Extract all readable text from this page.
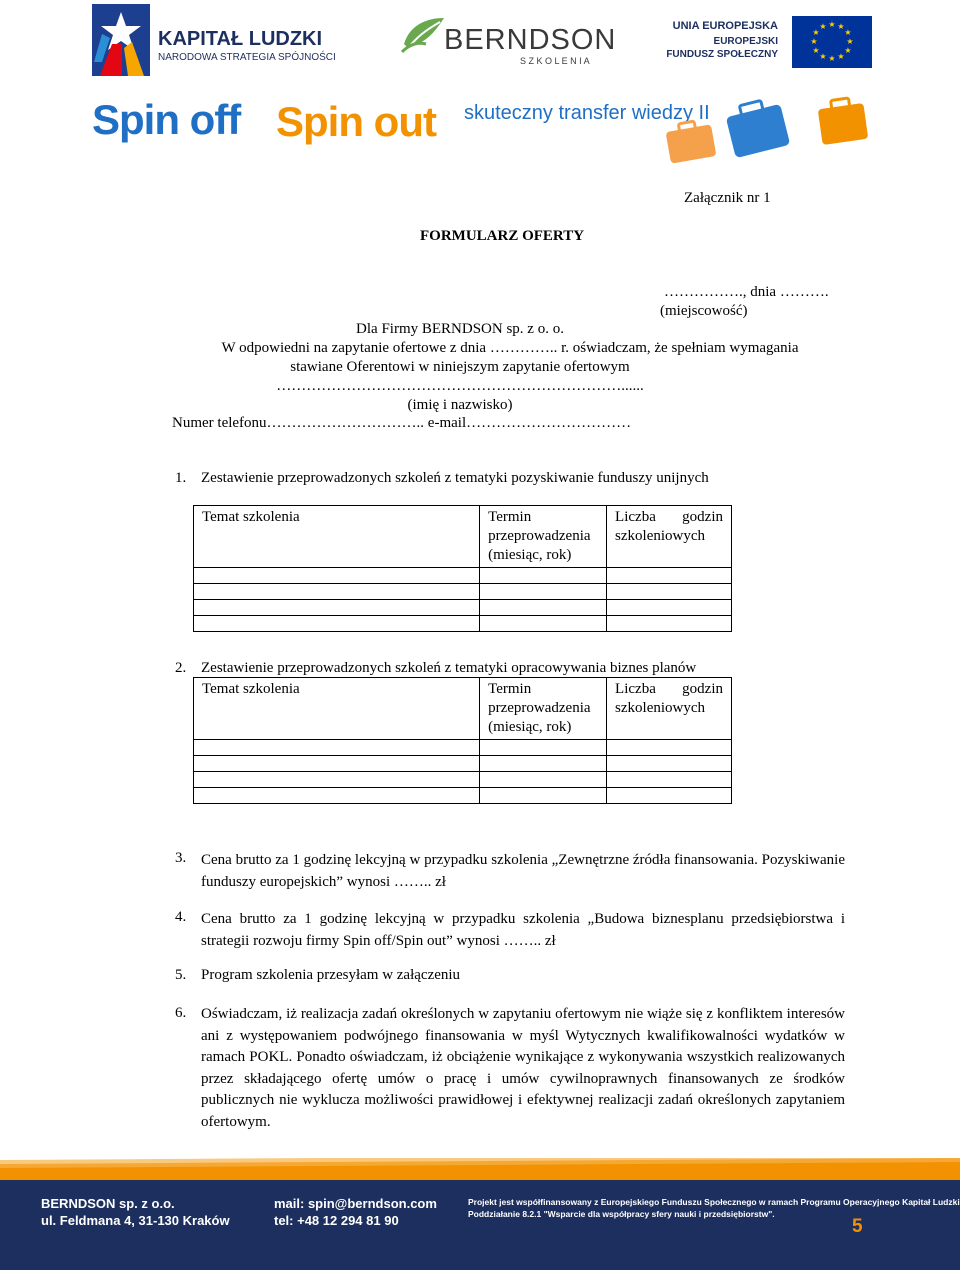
KAPITAŁ LUDZKI
NARODOWA STRATEGIA SPÓJNOŚCI
BERNDSON
S Z K O L E N I A
UNIA EUROPEJSKA
EUROPEJSKI
FUNDUSZ SPOŁECZNY
★ ★
★
★
★
★
★
★
★
★
★
★
Spin off Spin out skuteczny transfer wiedzy II
Załącznik nr 1
FORMULARZ OFERTY
……………., dnia ……….
(miejscowość)
Dla Firmy BERNDSON sp. z o. o.
W odpowiedni na zapytanie ofertowe z dnia ………….. r. oświadczam, że spełniam wymagania
stawiane Oferentowi w niniejszym zapytanie ofertowym
……………………………………………………………......
(imię i nazwisko)
Numer telefonu………………………….. e-mail……………………………
1. Zestawienie przeprowadzonych szkoleń z tematyki pozyskiwanie funduszy unijnych
Temat szkolenia	Termin przeprowadzenia (miesiąc, rok)	Liczba godzin szkoleniowych

2. Zestawienie przeprowadzonych szkoleń z tematyki opracowywania biznes planów
Temat szkolenia	Termin przeprowadzenia (miesiąc, rok)	Liczba godzin szkoleniowych

3. Cena brutto za 1 godzinę lekcyjną w przypadku szkolenia „Zewnętrzne źródła finansowania. Pozyskiwanie funduszy europejskich” wynosi …….. zł
4. Cena brutto za 1 godzinę lekcyjną w przypadku szkolenia „Budowa biznesplanu przedsiębiorstwa i strategii rozwoju firmy Spin off/Spin out” wynosi …….. zł
5. Program szkolenia przesyłam w załączeniu
6. Oświadczam, iż realizacja zadań określonych w zapytaniu ofertowym nie wiąże się z konfliktem interesów ani z występowaniem podwójnego finansowania w myśl Wytycznych kwalifikowalności wydatków w ramach POKL. Ponadto oświadczam, iż obciążenie wynikające z wykonywania wszystkich realizowanych przez składającego ofertę umów o pracę i umów cywilnoprawnych finansowanych ze środków publicznych nie wyklucza możliwości prawidłowej i efektywnej realizacji zadań określonych zapytaniem ofertowym.
BERNDSON sp. z o.o.
ul. Feldmana 4, 31-130 Kraków
mail: spin@berndson.com
tel: +48 12 294 81 90
Projekt jest współfinansowany z Europejskiego Funduszu Społecznego w ramach Programu Operacyjnego Kapitał Ludzki
Poddziałanie 8.2.1 "Wsparcie dla współpracy sfery nauki i przedsiębiorstw".
5
